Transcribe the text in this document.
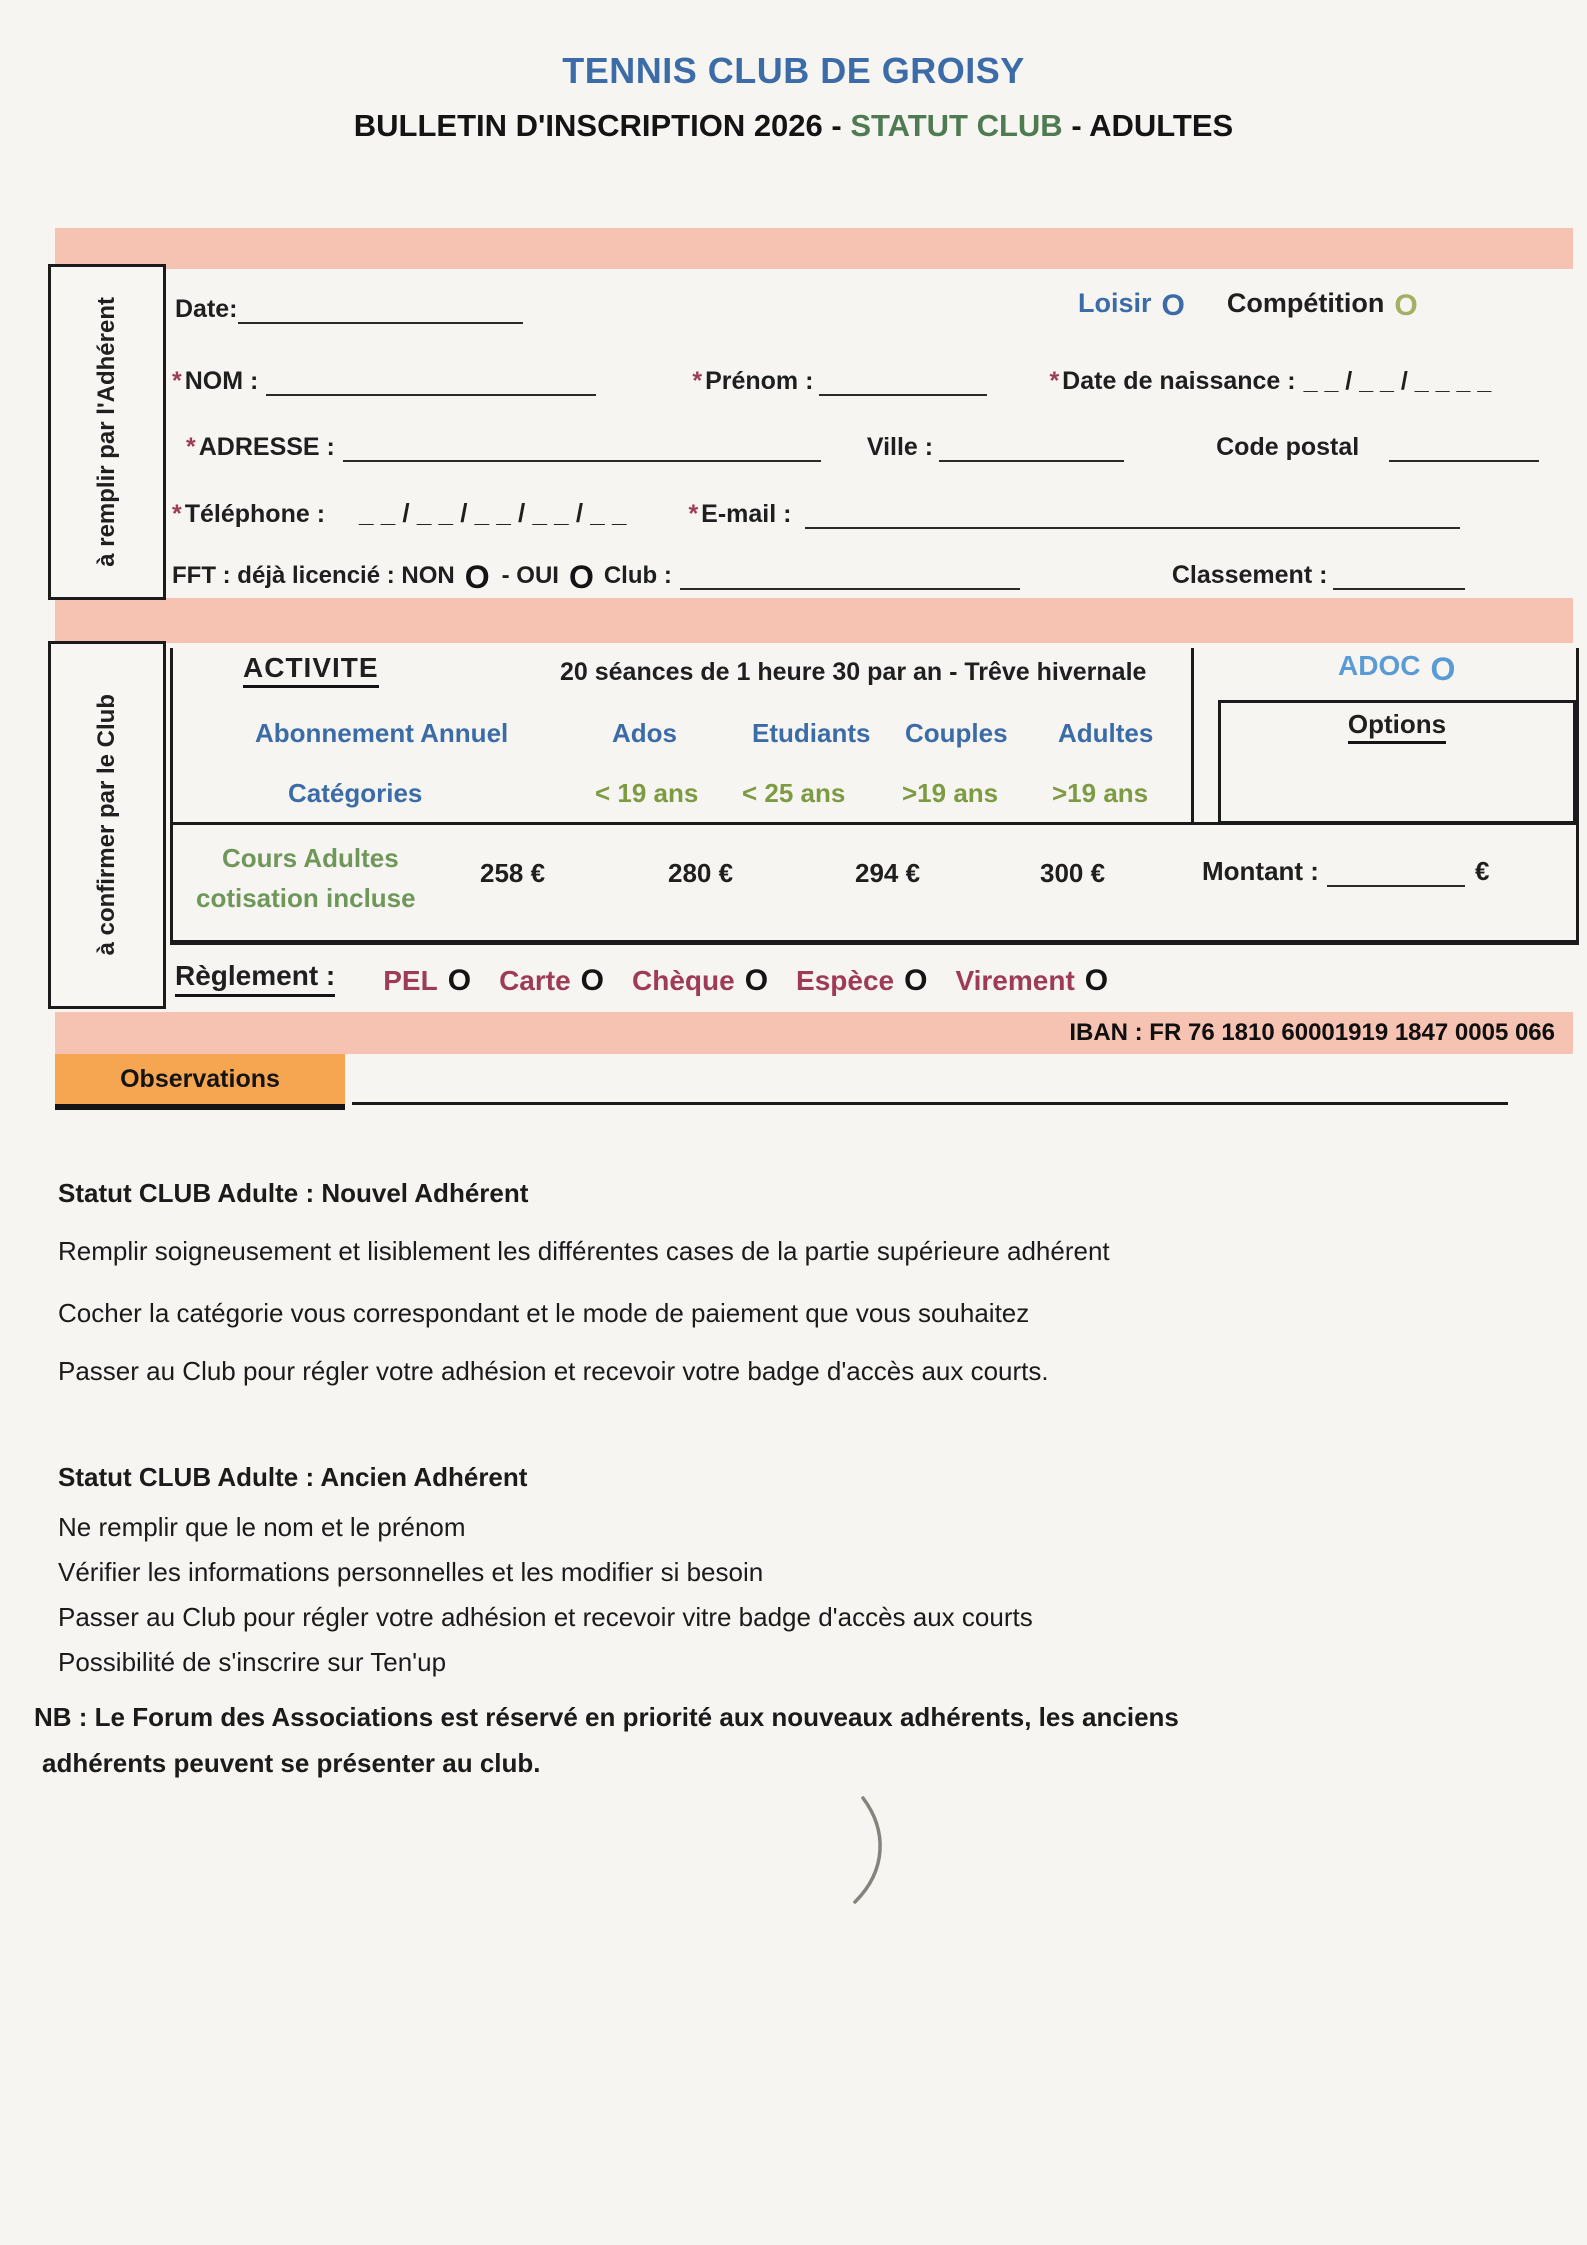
TENNIS CLUB DE GROISY
BULLETIN D'INSCRIPTION 2026 - STATUT CLUB - ADULTES
à remplir par l'Adhérent
à confirmer par le Club
Date:	Loisir O Compétition O
* NOM :	* Prénom :	* Date de naissance : _ _ / _ _ / _ _ _ _
* ADRESSE :	Ville :	Code postal
* Téléphone : _ _ / _ _ / _ _ / _ _ / _ _ * E-mail :
FFT : déjà licencié : NON O - OUI O Club :	Classement :
ACTIVITE	20 séances de 1 heure 30 par an - Trêve hivernale	ADOC O
Options
Abonnement Annuel	Ados	Etudiants Couples Adultes
Catégories	< 19 ans < 25 ans >19 ans >19 ans
Cours Adultes
cotisation incluse
258 €	280 €	294 €	300 €	Montant :	€
Règlement : PEL O Carte O Chèque O Espèce O Virement O
IBAN : FR 76 1810 60001919 1847 0005 066
Observations
Statut CLUB Adulte : Nouvel Adhérent
Remplir soigneusement et lisiblement les différentes cases de la partie supérieure adhérent
Cocher la catégorie vous correspondant et le mode de paiement que vous souhaitez
Passer au Club pour régler votre adhésion et recevoir votre badge d'accès aux courts.
Statut CLUB Adulte : Ancien Adhérent
Ne remplir que le nom et le prénom
Vérifier les informations personnelles et les modifier si besoin
Passer au Club pour régler votre adhésion et recevoir vitre badge d'accès aux courts
Possibilité de s'inscrire sur Ten'up
NB : Le Forum des Associations est réservé en priorité aux nouveaux adhérents, les anciens
adhérents peuvent se présenter au club.
